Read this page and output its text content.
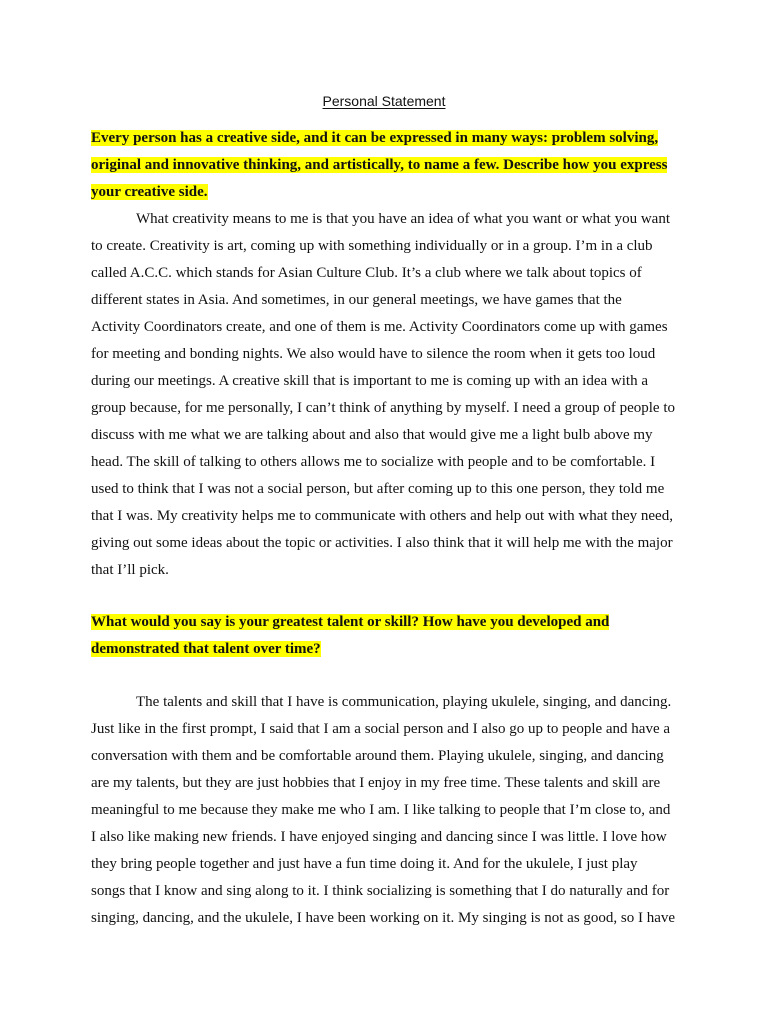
Personal Statement
Every person has a creative side, and it can be expressed in many ways: problem solving,
original and innovative thinking, and artistically, to name a few. Describe how you express
your creative side.
What creativity means to me is that you have an idea of what you want or what you want
to create. Creativity is art, coming up with something individually or in a group. I’m in a club
called A.C.C. which stands for Asian Culture Club. It’s a club where we talk about topics of
different states in Asia. And sometimes, in our general meetings, we have games that the
Activity Coordinators create, and one of them is me. Activity Coordinators come up with games
for meeting and bonding nights. We also would have to silence the room when it gets too loud
during our meetings. A creative skill that is important to me is coming up with an idea with a
group because, for me personally, I can’t think of anything by myself. I need a group of people to
discuss with me what we are talking about and also that would give me a light bulb above my
head. The skill of talking to others allows me to socialize with people and to be comfortable. I
used to think that I was not a social person, but after coming up to this one person, they told me
that I was. My creativity helps me to communicate with others and help out with what they need,
giving out some ideas about the topic or activities. I also think that it will help me with the major
that I’ll pick.
What would you say is your greatest talent or skill? How have you developed and
demonstrated that talent over time?
The talents and skill that I have is communication, playing ukulele, singing, and dancing.
Just like in the first prompt, I said that I am a social person and I also go up to people and have a
conversation with them and be comfortable around them. Playing ukulele, singing, and dancing
are my talents, but they are just hobbies that I enjoy in my free time. These talents and skill are
meaningful to me because they make me who I am. I like talking to people that I’m close to, and
I also like making new friends. I have enjoyed singing and dancing since I was little. I love how
they bring people together and just have a fun time doing it. And for the ukulele, I just play
songs that I know and sing along to it. I think socializing is something that I do naturally and for
singing, dancing, and the ukulele, I have been working on it. My singing is not as good, so I have
